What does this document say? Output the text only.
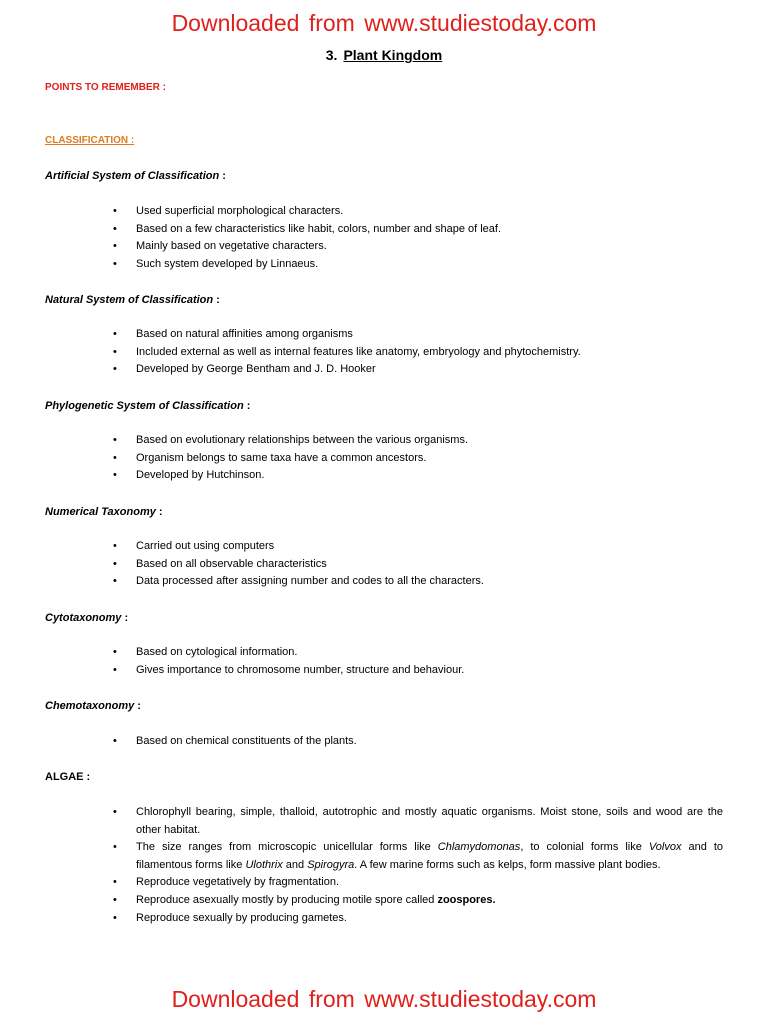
Downloaded from www.studiestoday.com
3. Plant Kingdom
POINTS TO REMEMBER :
CLASSIFICATION :
Artificial System of Classification :
• Used superficial morphological characters.
• Based on a few characteristics like habit, colors, number and shape of leaf.
• Mainly based on vegetative characters.
• Such system developed by Linnaeus.
Natural System of Classification :
• Based on natural affinities among organisms
• Included external as well as internal features like anatomy, embryology and phytochemistry.
• Developed by George Bentham and J. D. Hooker
Phylogenetic System of Classification :
• Based on evolutionary relationships between the various organisms.
• Organism belongs to same taxa have a common ancestors.
• Developed by Hutchinson.
Numerical Taxonomy :
• Carried out using computers
• Based on all observable characteristics
• Data processed after assigning number and codes to all the characters.
Cytotaxonomy :
• Based on cytological information.
• Gives importance to chromosome number, structure and behaviour.
Chemotaxonomy :
• Based on chemical constituents of the plants.
ALGAE :
• Chlorophyll bearing, simple, thalloid, autotrophic and mostly aquatic organisms. Moist stone, soils and wood are the other habitat.
• The size ranges from microscopic unicellular forms like Chlamydomonas, to colonial forms like Volvox and to filamentous forms like Ulothrix and Spirogyra. A few marine forms such as kelps, form massive plant bodies.
• Reproduce vegetatively by fragmentation.
• Reproduce asexually mostly by producing motile spore called zoospores.
• Reproduce sexually by producing gametes.
Downloaded from www.studiestoday.com
